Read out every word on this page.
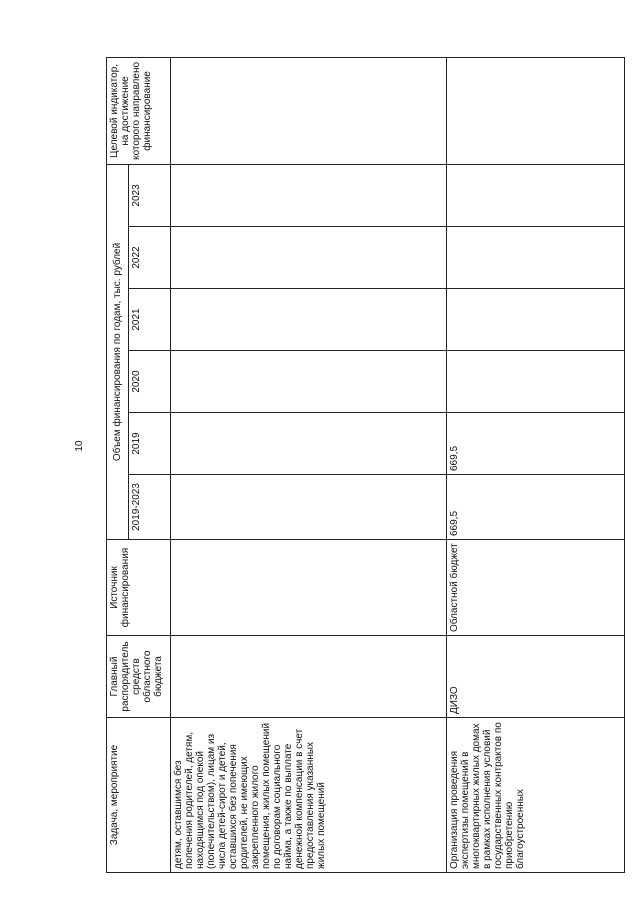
10
Задача, мероприятие	Главный распорядитель средств областного бюджета	Источник финансирования	Объем финансирования по годам, тыс. рублей						Целевой индикатор, на достижение которого направлено финансирование
			2019-2023	2019	2020	2021	2022	2023	
детям, оставшимся без попечения родителей, детям, находящимся под опекой (попечительством), лицам из числа детей-сирот и детей, оставшихся без попечения родителей, не имеющих закрепленного жилого помещения, жилых помещений по договорам социального найма, а также по выплате денежной компенсации в счет предоставления указанных жилых помещений									
Организация проведения экспертизы помещений в многоквартирных жилых домах в рамках исполнения условий государственных контрактов по приобретению благоустроенных	ДИЗО	Областной бюджет	669,5	669,5					
